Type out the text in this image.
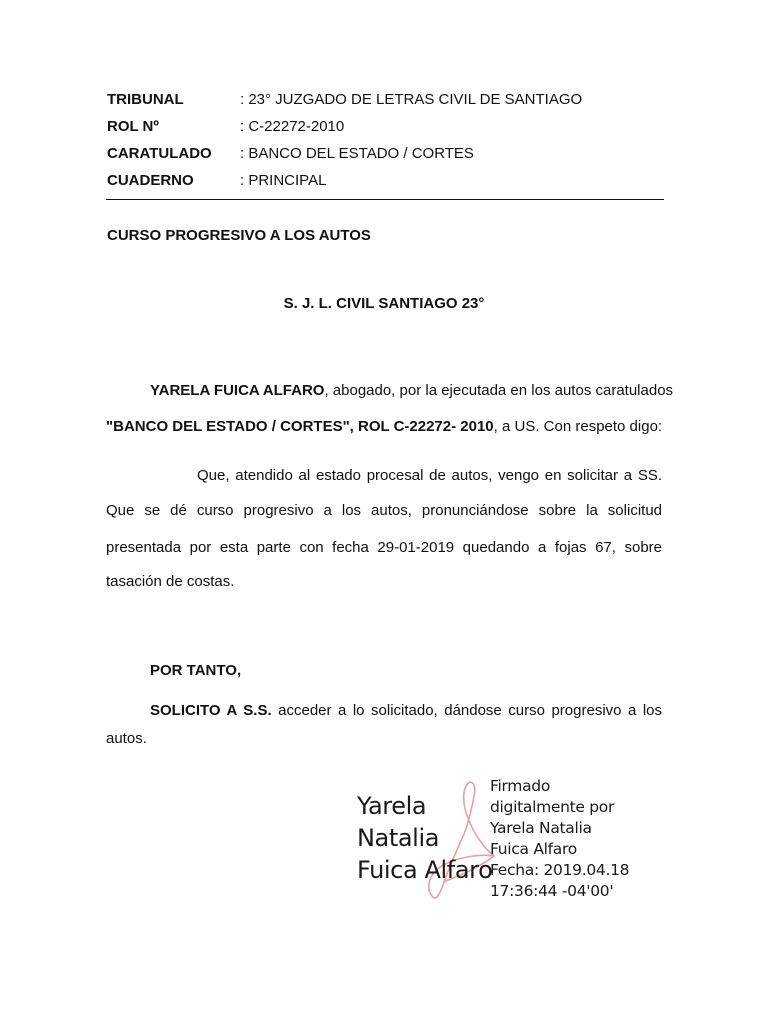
TRIBUNAL	: 23° JUZGADO DE LETRAS CIVIL DE SANTIAGO
ROL Nº	: C-22272-2010
CARATULADO	: BANCO DEL ESTADO / CORTES
CUADERNO	: PRINCIPAL
CURSO PROGRESIVO A LOS AUTOS
S. J. L. CIVIL SANTIAGO 23°
YARELA FUICA ALFARO, abogado, por la ejecutada en los autos caratulados
"BANCO DEL ESTADO / CORTES", ROL C-22272- 2010, a US. Con respeto digo:
Que, atendido al estado procesal de autos, vengo en solicitar a SS.
Que se dé curso progresivo a los autos, pronunciándose sobre la solicitud
presentada por esta parte con fecha 29-01-2019 quedando a fojas 67, sobre
tasación de costas.
POR TANTO,
SOLICITO A S.S. acceder a lo solicitado, dándose curso progresivo a los
autos.
Yarela
Natalia
Fuica Alfaro
Firmado
digitalmente por
Yarela Natalia
Fuica Alfaro
Fecha: 2019.04.18
17:36:44 -04'00'
